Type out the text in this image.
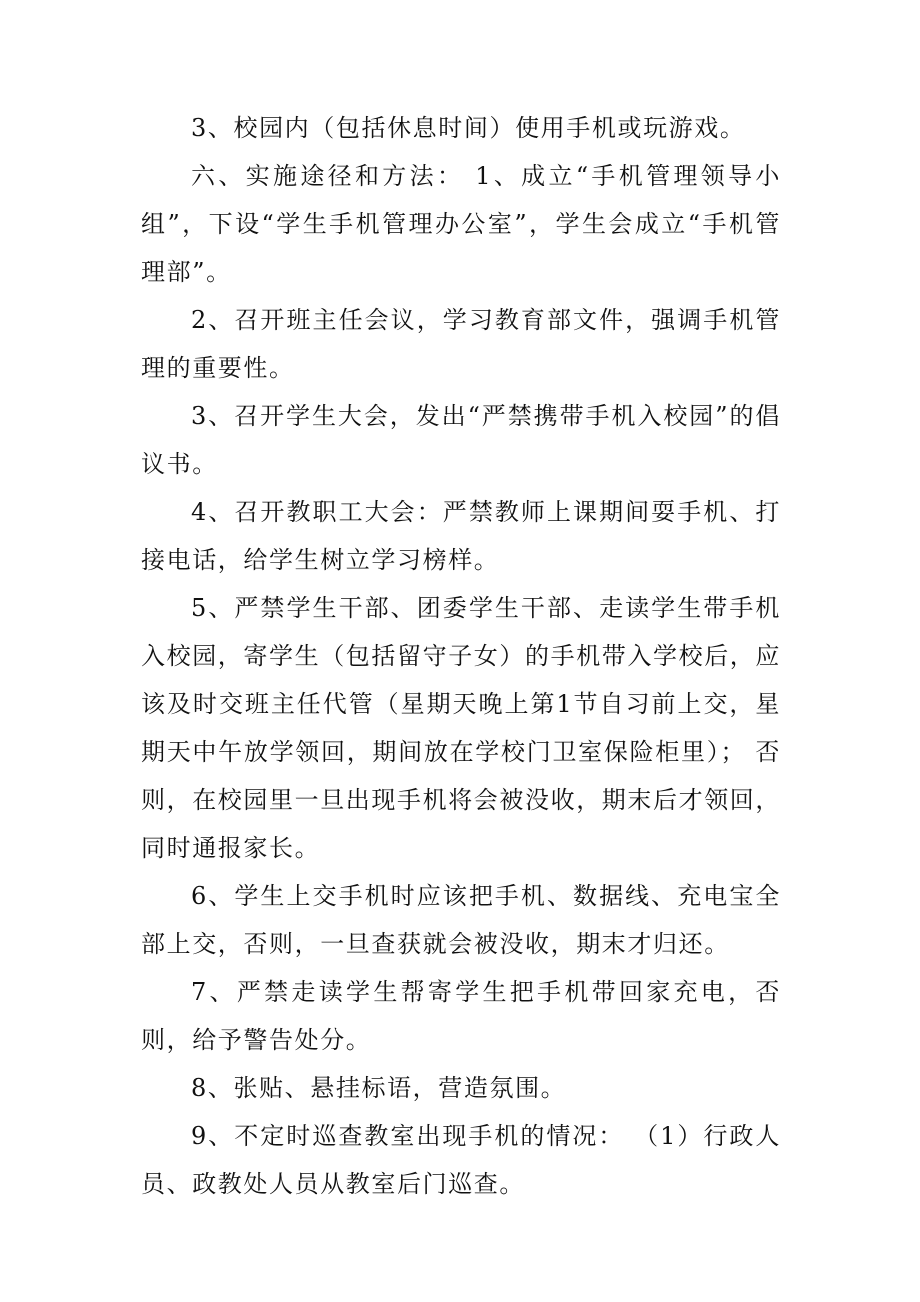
3、校园内（包括休息时间）使用手机或玩游戏。

六、实施途径和方法： 1、成立“手机管理领导小组”，下设“学生手机管理办公室”，学生会成立“手机管理部”。

2、召开班主任会议，学习教育部文件，强调手机管理的重要性。

3、召开学生大会，发出“严禁携带手机入校园”的倡议书。

4、召开教职工大会：严禁教师上课期间耍手机、打接电话，给学生树立学习榜样。

5、严禁学生干部、团委学生干部、走读学生带手机入校园，寄学生（包括留守子女）的手机带入学校后，应该及时交班主任代管（星期天晚上第1节自习前上交，星期天中午放学领回，期间放在学校门卫室保险柜里）； 否则，在校园里一旦出现手机将会被没收，期末后才领回，同时通报家长。

6、学生上交手机时应该把手机、数据线、充电宝全部上交，否则，一旦查获就会被没收，期末才归还。

7、严禁走读学生帮寄学生把手机带回家充电，否则，给予警告处分。

8、张贴、悬挂标语，营造氛围。

9、不定时巡查教室出现手机的情况： （1）行政人员、政教处人员从教室后门巡查。
